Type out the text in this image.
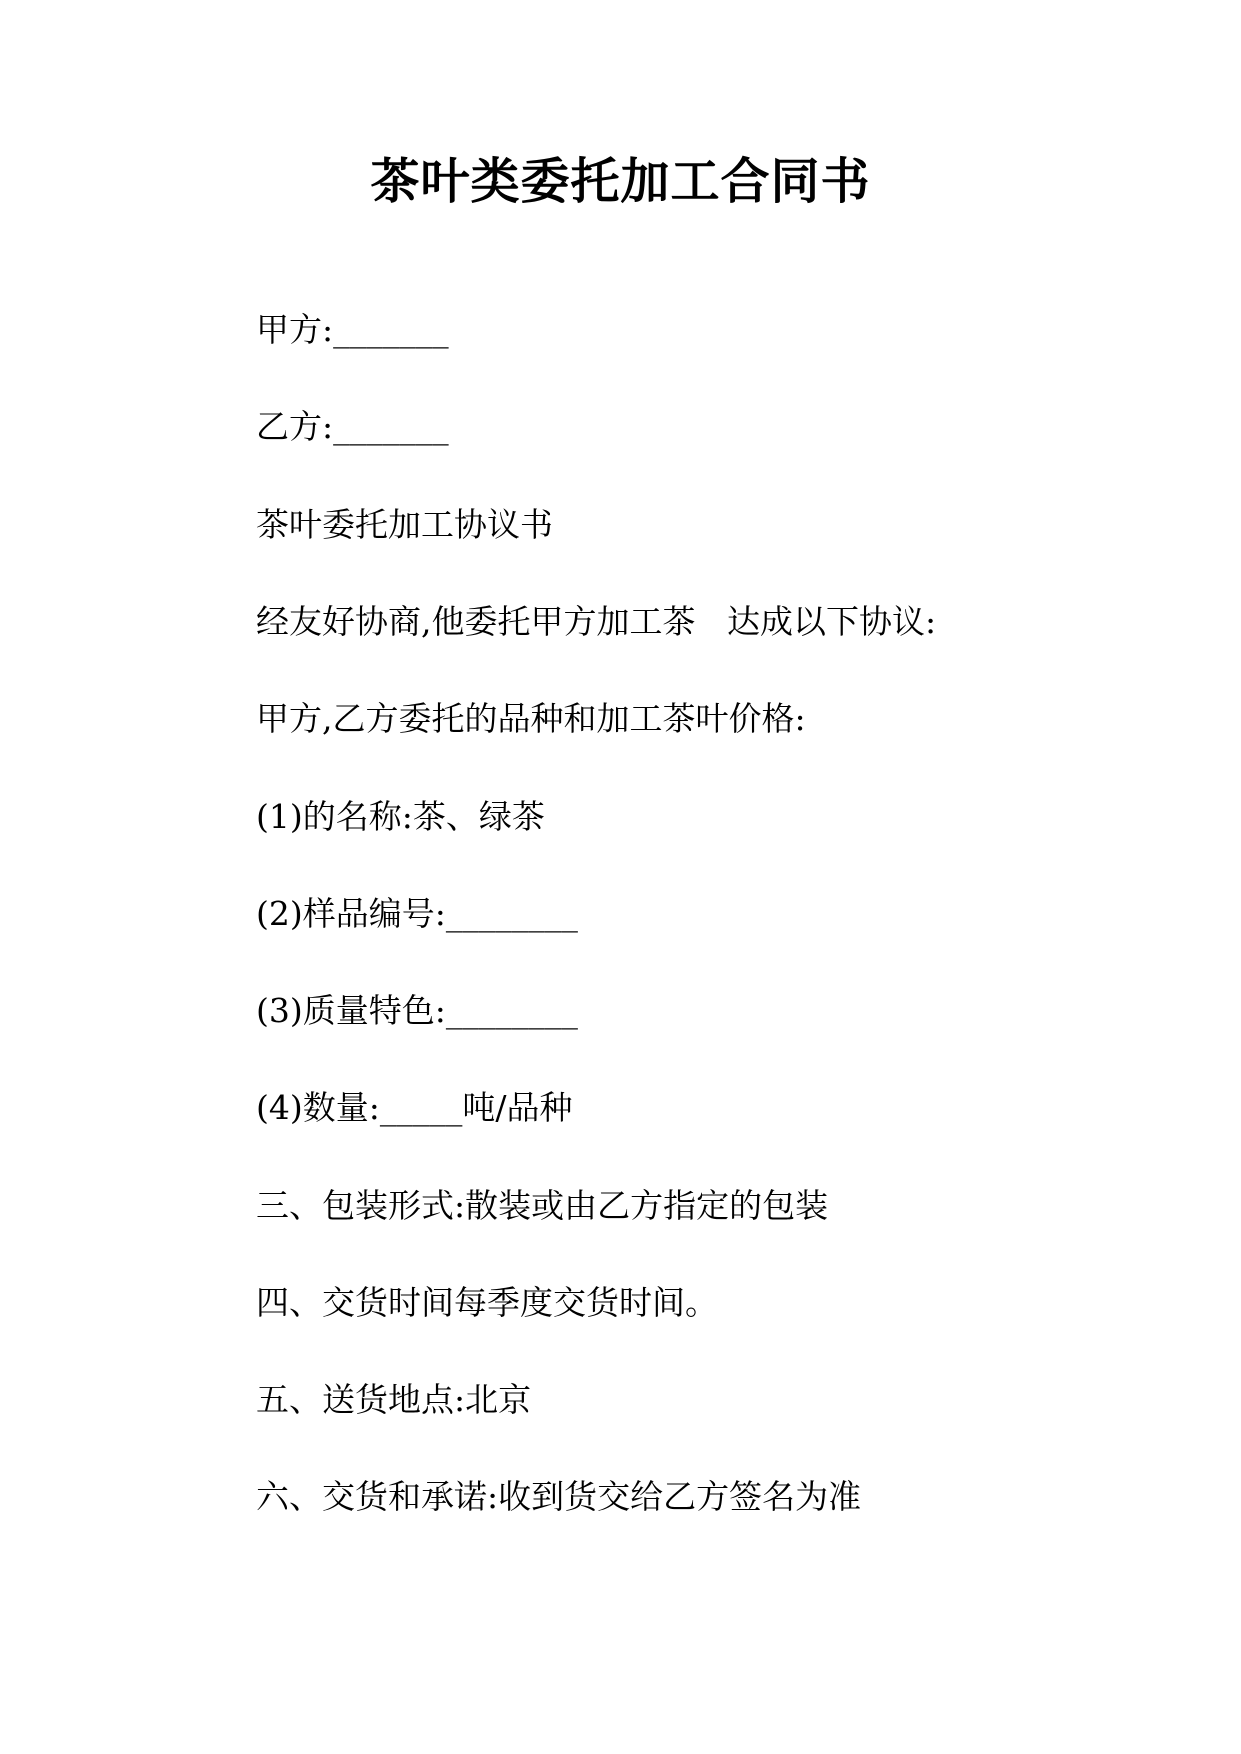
茶叶类委托加工合同书
甲方:_______
乙方:_______
茶叶委托加工协议书
经友好协商,他委托甲方加工茶   达成以下协议:
甲方,乙方委托的品种和加工茶叶价格:
(1)的名称:茶、绿茶
(2)样品编号:________
(3)质量特色:________
(4)数量:_____吨/品种
三、包装形式:散装或由乙方指定的包装
四、交货时间每季度交货时间。
五、送货地点:北京
六、交货和承诺:收到货交给乙方签名为准
